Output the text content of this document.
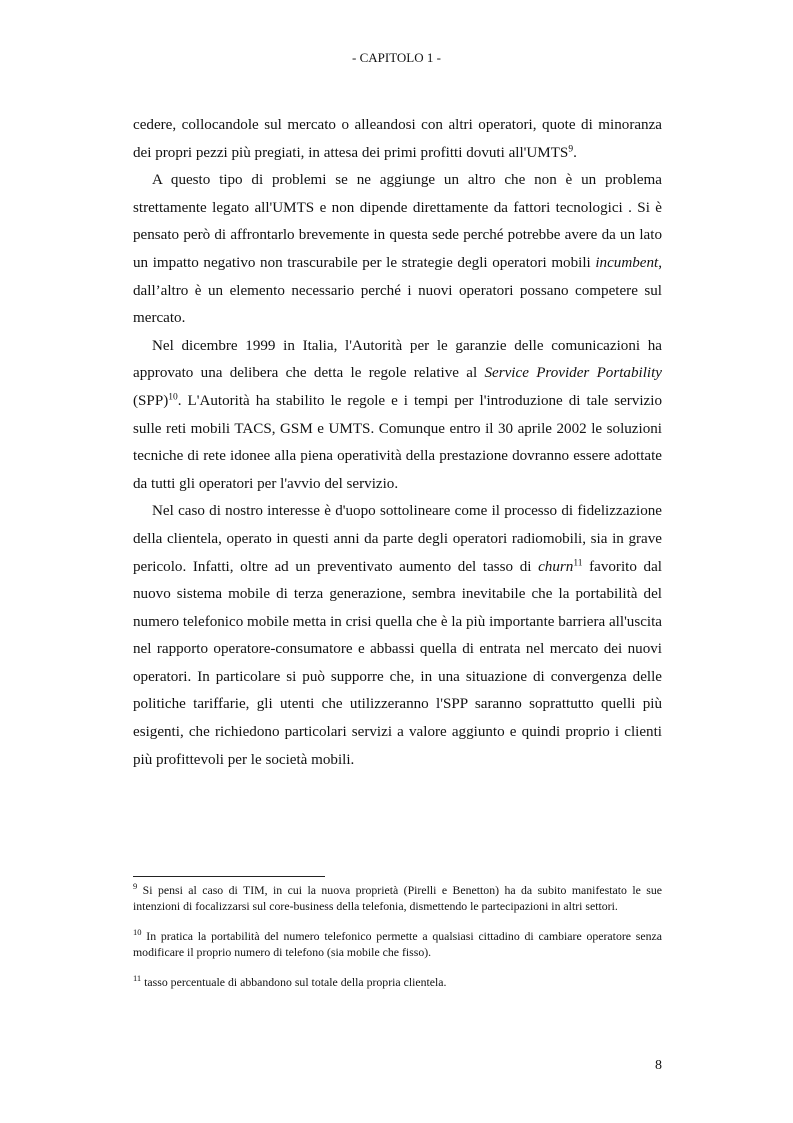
- CAPITOLO 1 -

cedere, collocandole sul mercato o alleandosi con altri operatori, quote di minoranza dei propri pezzi più pregiati, in attesa dei primi profitti dovuti all'UMTS$^9$.

A questo tipo di problemi se ne aggiunge un altro che non è un problema strettamente legato all'UMTS e non dipende direttamente da fattori tecnologici . Si è pensato però di affrontarlo brevemente in questa sede perché potrebbe avere da un lato un impatto negativo non trascurabile per le strategie degli operatori mobili incumbent, dall’altro è un elemento necessario perché i nuovi operatori possano competere sul mercato.

Nel dicembre 1999 in Italia, l'Autorità per le garanzie delle comunicazioni ha approvato una delibera che detta le regole relative al Service Provider Portability (SPP)$^{10}$. L'Autorità ha stabilito le regole e i tempi per l'introduzione di tale servizio sulle reti mobili TACS, GSM e UMTS. Comunque entro il 30 aprile 2002 le soluzioni tecniche di rete idonee alla piena operatività della prestazione dovranno essere adottate da tutti gli operatori per l'avvio del servizio.

Nel caso di nostro interesse è d'uopo sottolineare come il processo di fidelizzazione della clientela, operato in questi anni da parte degli operatori radiomobili, sia in grave pericolo. Infatti, oltre ad un preventivato aumento del tasso di churn$^{11}$ favorito dal nuovo sistema mobile di terza generazione, sembra inevitabile che la portabilità del numero telefonico mobile metta in crisi quella che è la più importante barriera all'uscita nel rapporto operatore-consumatore e abbassi quella di entrata nel mercato dei nuovi operatori. In particolare si può supporre che, in una situazione di convergenza delle politiche tariffarie, gli utenti che utilizzeranno l'SPP saranno soprattutto quelli più esigenti, che richiedono particolari servizi a valore aggiunto e quindi proprio i clienti più profittevoli per le società mobili.

$^9$ Si pensi al caso di TIM, in cui la nuova proprietà (Pirelli e Benetton) ha da subito manifestato le sue intenzioni di focalizzarsi sul core-business della telefonia, dismettendo le partecipazioni in altri settori.

$^{10}$ In pratica la portabilità del numero telefonico permette a qualsiasi cittadino di cambiare operatore senza modificare il proprio numero di telefono (sia mobile che fisso).

$^{11}$ tasso percentuale di abbandono sul totale della propria clientela.

8
